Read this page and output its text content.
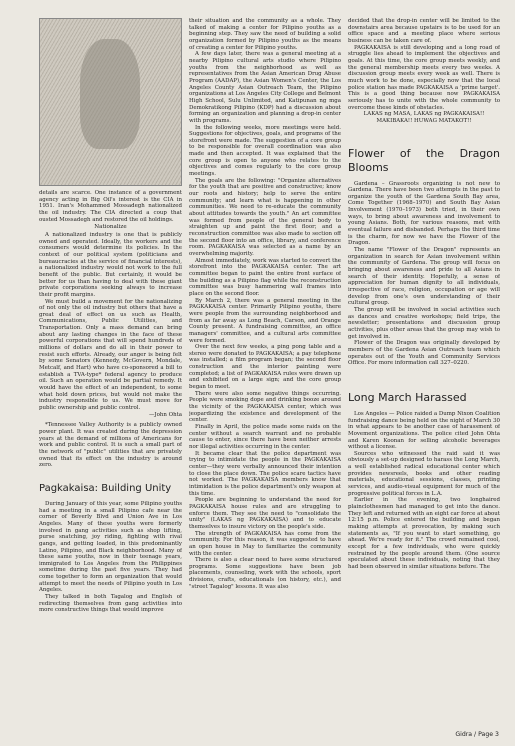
details are scarce. One instance of a government agency acting in Big Oil's interest is the CIA in 1951. Iran's Mohammed Mossadegh nationalized the oil industry. The CIA directed a coup that ousted Mossadegh and restored the oil holdings.

Nationalize

A nationalized industry is one that is publicly owned and operated. Ideally, the workers and the consumers would determine its policies. In the context of our political system (politicians and bureaucracies at the service of financial interests), a nationalized industry would not work to the full benefit of the public. But certainly, it would be better for us than having to deal with these giant private corporations seeking always to increase their profit margins.

We must build a movement for the nationalizing of not only the oil industry but others that have a great deal of effect on us such as Health, Communications, Public Utilities, and Transportation. Only a mass demand can bring about any lasting changes in the face of these powerful corporations that will spend hundreds of millions of dollars and do all in their power to resist such efforts. Already, our anger is being felt by some Senators (Kennedy, McGovern, Mondale, Metcalf, and Hart) who have co-sponsored a bill to establish a TVA-type* federal agency to produce oil. Such an operation would be partial remedy. It would have the effect of an independent, to some what hold down prices, but would not make the industry responsible to us. We must move for public ownership and public control.

—John Ohta

*Tennessee Valley Authority is a publicly owned power plant. It was created during the depression years at the demand of millions of Americans for work and public control. It is such a small part of the network of "public" utilities that are privately owned that its effect on the industry is around zero.

Pagkakaisa: Building Unity

During January of this year, some Pilipino youths had a meeting in a small Pilipino cafe near the corner of Beverly Blvd and Union Ave in Los Angeles. Many of these youths were formerly involved in gang activities such as shop lifting, purse snatching, joy riding, fighting with rival gangs, and getting loaded, in this predominantly Latino, Pilipino, and Black neighborhood. Many of these same youths, now in their teenage years, immigrated to Los Angeles from the Philippines sometime during the past five years. They had come together to form an organization that would attempt to meet the needs of Pilipino youth in Los Angeles.

They talked in both Tagalog and English of redirecting themselves from gang activities into more constructive things that would improve

their situation and the community as a whole. They talked of making a center for Pilipino youths as a beginning step. They saw the need of building a solid organization formed by Pilipino youths as the means of creating a center for Pilipino youths.

A few days later, there was a general meeting at a nearby Pilipino cultural arts studio where Pilipino youths from the neighborhood as well as representatives from the Asian American Drug Abuse Program (AADAP), the Asian Women's Center, the Los Angeles County Asian Outreach Team, the Pilipino organizations at Los Angeles City College and Belmont High School, Sulu Unlimited, and Katipunan ng mga Demokratikong Pilipino (KDP) had a discussion about forming an organization and planning a drop-in center with programs.

In the following weeks, more meetings were held. Suggestions for objectives, goals, and programs of the storefront were made. The suggestion of a core group to be responsible for overall coordination was also made and then accepted. It was explained that the core group is open to anyone who relates to the objectives and comes regularly to the core group meetings.

The goals are the following: "Organize alternatives for the youth that are positive and constructive; know our roots and history; help to serve the entire community; and learn what is happening in other communities. We need to re-educate the community about attitudes towards the youth." An art committee was formed from people of the general body to straighten up and paint the first floor; and a reconstruction committee was also made to section off the second floor into an office, library, and conference room. PAGKAKAISA was selected as a name by an overwhelming majority.

Almost immediately, work was started to convert the storefront into the PAGKAKAISA center. The art committee began to paint the entire front surface of the building as a Pilipino flag while the reconstruction committee was busy hammering wall frames into place on the second floor.

By March 2, there was a general meeting in the PAGKAKAISA center. Primarily Pilipino youths, there were people from the surrounding neighborhood and from as far away as Long Beach, Carson, and Orange County present. A fundraising committee, an office managers' committee, and a cultural arts committee were formed.

Over the next few weeks, a ping pong table and a stereo were donated to PAGKAKAISA; a pay telephone was installed; a film program began; the second floor construction and the interior painting were completed; a list of PAGKAKAISA rules were drawn up and exhibited on a large sign; and the core group began to meet.

There were also some negative things occurring. People were smoking dope and drinking booze around the vicinity of the PAGKAKAISA center, which was jeopardizing the existence and development of the center.

Finally in April, the police made some raids on the center without a search warrant and no probable cause to enter, since there have been neither arrests nor illegal activities occurring in the center.

It became clear that the police department was trying to intimidate the people in the PAGKAKAISA center—they were verbally announced their intention to close the place down. The police scare tactics have not worked. The PAGKAKAISA members know that intimidation is the police department's only weapon at this time.

People are beginning to understand the need for PAGKAKAISA house rules and are struggling to enforce them. They see the need to "consolidate the unity" (LAKAS ng PAGKAKAISA) and to educate themselves to insure victory on the people's side.

The strength of PAGKAKAISA has come from the community. For this reason, it was suggested to have an open house in May to familiarize the community with the center.

There is also a clear need to have some structured programs. Some suggestions have been job placements, counseling, work with the schools, sport divisions, crafts, educationals (on history, etc.), and "street Tagalog" lessons. It was also

decided that the drop-in center will be limited to the downstairs area because upstairs is to be used for an office space and a meeting place where serious business can be taken care of.

PAGKAKAISA is still developing and a long road of struggle lies ahead to implement the objectives and goals. At this time, the core group meets weekly, and the general membership meets every two weeks. A discussion group meets every week as well. There is much work to be done, especially now that the local police station has made PAGKAKAISA a 'prime target'. This is a good thing because now PAGKAKAISA seriously has to unite with the whole community to overcome these kinds of obstacles.

LAKAS ng MASA, LAKAS ng PAGKAKAISA!! MAKIBAKA!! HUWAG MATAKOT!!

Flower of the Dragon Blooms

Gardena – Grassroots organizing is not new to Gardena. There have been two attempts in the past to organize the youth of the Gardena South Bay area, Come Together (1968–1970) and South Bay Asian Involvement (1970–1973) both tried, in their own ways, to bring about awareness and involvement to young Asians. Both, for various reasons, met with eventual failure and disbanded. Perhaps the third time is the charm, for now we have the Flower of the Dragon.

The name "Flower of the Dragon" represents an organization in search for Asian involvement within the community of Gardena. The group will focus on bringing about awareness and pride to all Asians in search of their identity. Hopefully, a sense of appreciation for human dignity to all individuals, irrespective of race, religion, occupation or age will develop from one's own understanding of their cultural group.

The group will be involved in social activities such as dances and creative workshops; field trips, the newsletter; presentations and discussion group activities, plus other areas that the group may wish to get involved in.

Flower of the Dragon was originally developed by members of the Gardena Asian Outreach team which operates out of the Youth and Community Services Office. For more information call 327–0220.

Long March Harassed

Los Angeles — Police raided a Dump Nixon Coalition fundraising dance being held on the night of March 30 in what appears to be another case of harassment of Movement organizations. The police cited John Ohta and Karen Koonan for selling alcoholic beverages without a license.

Sources who witnessed the raid said it was obviously a set-up designed to harass the Long March, a well established radical educational center which provides newsreels, books and other reading materials, educational sessions, classes, printing services, and audio-visual equipment for much of the progressive political forces in L.A.

Earlier in the evening, two longhaired plainclothesmen had managed to get into the dance. They left and returned with an eight car force at about 12:15 p.m. Police entered the building and began making attempts at provocation, by making such statements as, "If you want to start something, go ahead. We're ready for it." The crowd remained cool, except for a few individuals, who were quickly restrained by the people around them. (One source speculated about these individuals, noting that they had been observed in similar situations before. The

Gidra / Page 3
